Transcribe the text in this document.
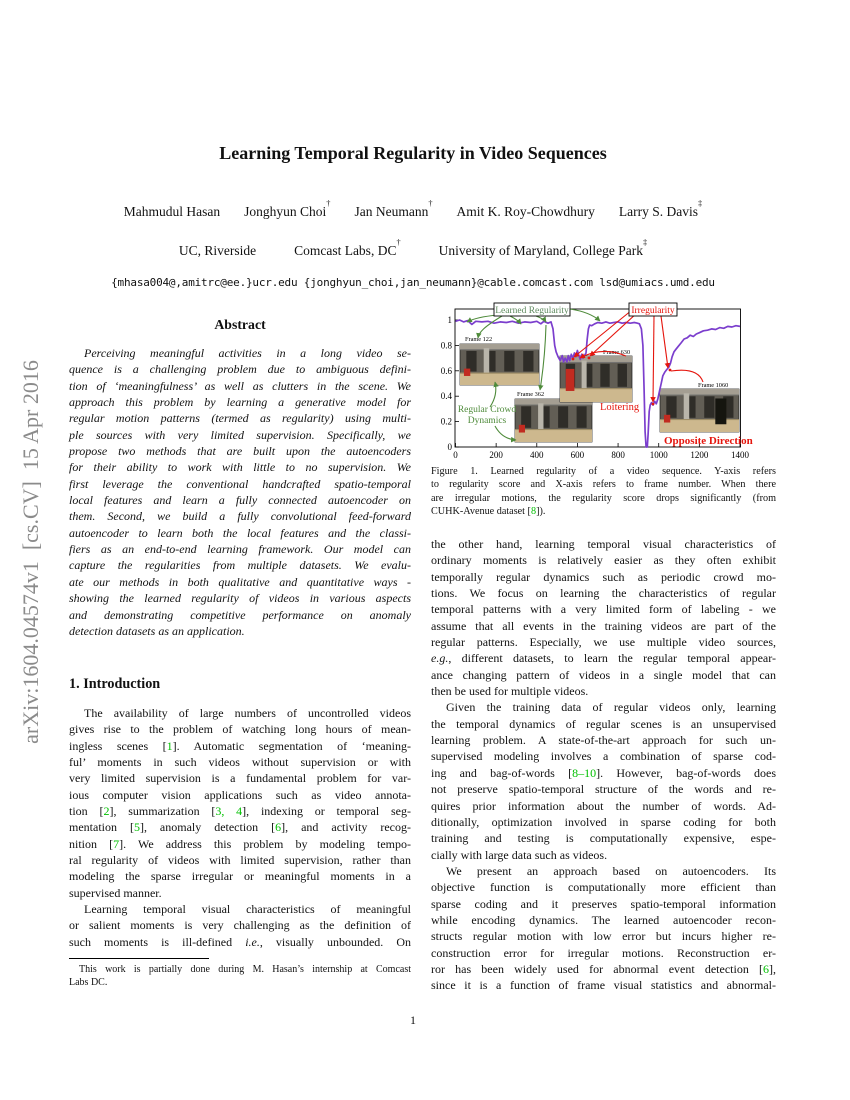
arXiv:1604.04574v1  [cs.CV]  15 Apr 2016
Learning Temporal Regularity in Video Sequences
Mahmudul Hasan Jonghyun Choi† Jan Neumann† Amit K. Roy-Chowdhury Larry S. Davis‡
UC, Riverside	Comcast Labs, DC†	University of Maryland, College Park‡
{mhasa004@,amitrc@ee.}ucr.edu {jonghyun_choi,jan_neumann}@cable.comcast.com lsd@umiacs.umd.edu
Abstract
Perceiving meaningful activities in a long video se-
quence is a challenging problem due to ambiguous defini-
tion of ‘meaningfulness’ as well as clutters in the scene. We
approach this problem by learning a generative model for
regular motion patterns (termed as regularity) using multi-
ple sources with very limited supervision. Specifically, we
propose two methods that are built upon the autoencoders
for their ability to work with little to no supervision. We
first leverage the conventional handcrafted spatio-temporal
local features and learn a fully connected autoencoder on
them. Second, we build a fully convolutional feed-forward
autoencoder to learn both the local features and the classi-
fiers as an end-to-end learning framework. Our model can
capture the regularities from multiple datasets. We evalu-
ate our methods in both qualitative and quantitative ways -
showing the learned regularity of videos in various aspects
and demonstrating competitive performance on anomaly
detection datasets as an application.
1. Introduction
The availability of large numbers of uncontrolled videos
gives rise to the problem of watching long hours of mean-
ingless scenes [1]. Automatic segmentation of ‘meaning-
ful’ moments in such videos without supervision or with
very limited supervision is a fundamental problem for var-
ious computer vision applications such as video annota-
tion [2], summarization [3, 4], indexing or temporal seg-
mentation [5], anomaly detection [6], and activity recog-
nition [7]. We address this problem by modeling tempo-
ral regularity of videos with limited supervision, rather than
modeling the sparse irregular or meaningful moments in a
supervised manner.
Learning temporal visual characteristics of meaningful
or salient moments is very challenging as the definition of
such moments is ill-defined i.e., visually unbounded. On
This work is partially done during M. Hasan’s internship at Comcast
Labs DC.
0
0.2
0.4
0.6
0.8
1
0	200	400	600	800	1000	1200	1400
Frame 122
Frame 362
Frame 630
Frame 1060
Learned Regularity	Irregularity
Regular Crowd
Dynamics
Loitering
Opposite Direction
Figure 1. Learned regularity of a video sequence. Y-axis refers
to regularity score and X-axis refers to frame number. When there
are irregular motions, the regularity score drops significantly (from
CUHK-Avenue dataset [8]).
the other hand, learning temporal visual characteristics of
ordinary moments is relatively easier as they often exhibit
temporally regular dynamics such as periodic crowd mo-
tions. We focus on learning the characteristics of regular
temporal patterns with a very limited form of labeling - we
assume that all events in the training videos are part of the
regular patterns. Especially, we use multiple video sources,
e.g., different datasets, to learn the regular temporal appear-
ance changing pattern of videos in a single model that can
then be used for multiple videos.
Given the training data of regular videos only, learning
the temporal dynamics of regular scenes is an unsupervised
learning problem. A state-of-the-art approach for such un-
supervised modeling involves a combination of sparse cod-
ing and bag-of-words [8–10]. However, bag-of-words does
not preserve spatio-temporal structure of the words and re-
quires prior information about the number of words. Ad-
ditionally, optimization involved in sparse coding for both
training and testing is computationally expensive, espe-
cially with large data such as videos.
We present an approach based on autoencoders. Its
objective function is computationally more efficient than
sparse coding and it preserves spatio-temporal information
while encoding dynamics. The learned autoencoder recon-
structs regular motion with low error but incurs higher re-
construction error for irregular motions. Reconstruction er-
ror has been widely used for abnormal event detection [6],
since it is a function of frame visual statistics and abnormal-
1
